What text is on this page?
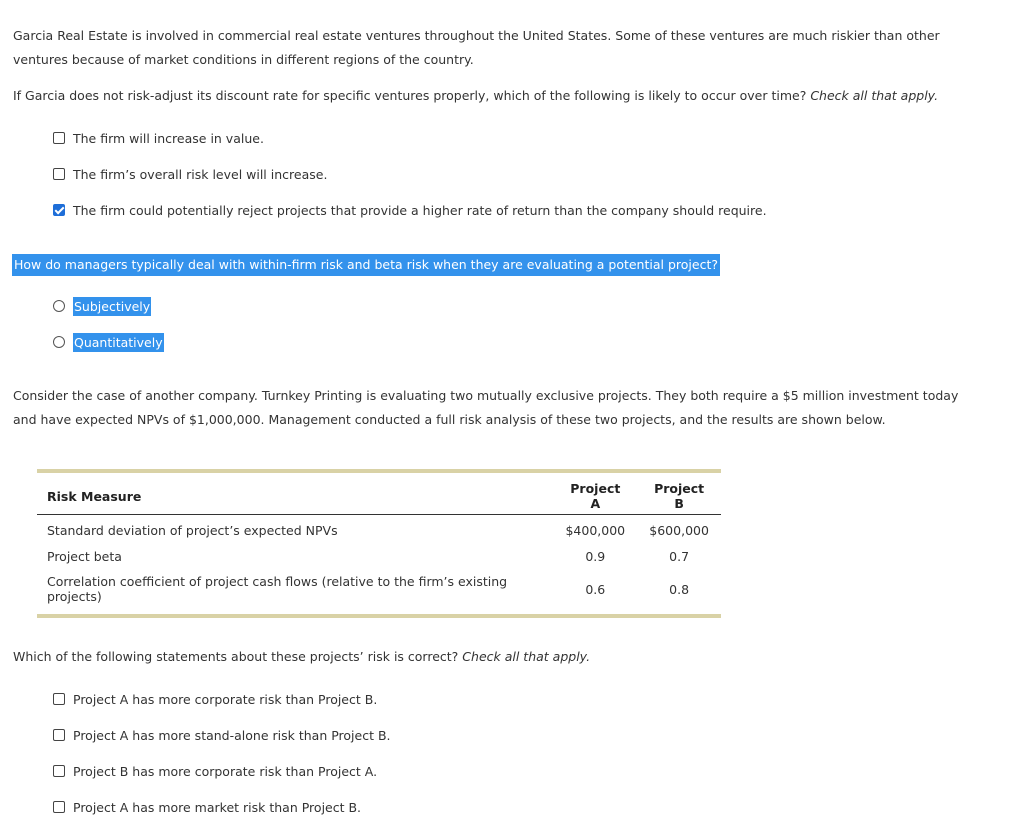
Garcia Real Estate is involved in commercial real estate ventures throughout the United States. Some of these ventures are much riskier than other ventures because of market conditions in different regions of the country.

If Garcia does not risk-adjust its discount rate for specific ventures properly, which of the following is likely to occur over time? Check all that apply.

The firm will increase in value.
The firm’s overall risk level will increase.
The firm could potentially reject projects that provide a higher rate of return than the company should require.
How do managers typically deal with within-firm risk and beta risk when they are evaluating a potential project?
Subjectively
Quantitatively

Consider the case of another company. Turnkey Printing is evaluating two mutually exclusive projects. They both require a $5 million investment today and have expected NPVs of $1,000,000. Management conducted a full risk analysis of these two projects, and the results are shown below.

Risk Measure	Project A	Project B
Standard deviation of project’s expected NPVs	$400,000	$600,000
Project beta	0.9	0.7
Correlation coefficient of project cash flows (relative to the firm’s existing projects)	0.6	0.8

Which of the following statements about these projects’ risk is correct? Check all that apply.

Project A has more corporate risk than Project B.
Project A has more stand-alone risk than Project B.
Project B has more corporate risk than Project A.
Project A has more market risk than Project B.
